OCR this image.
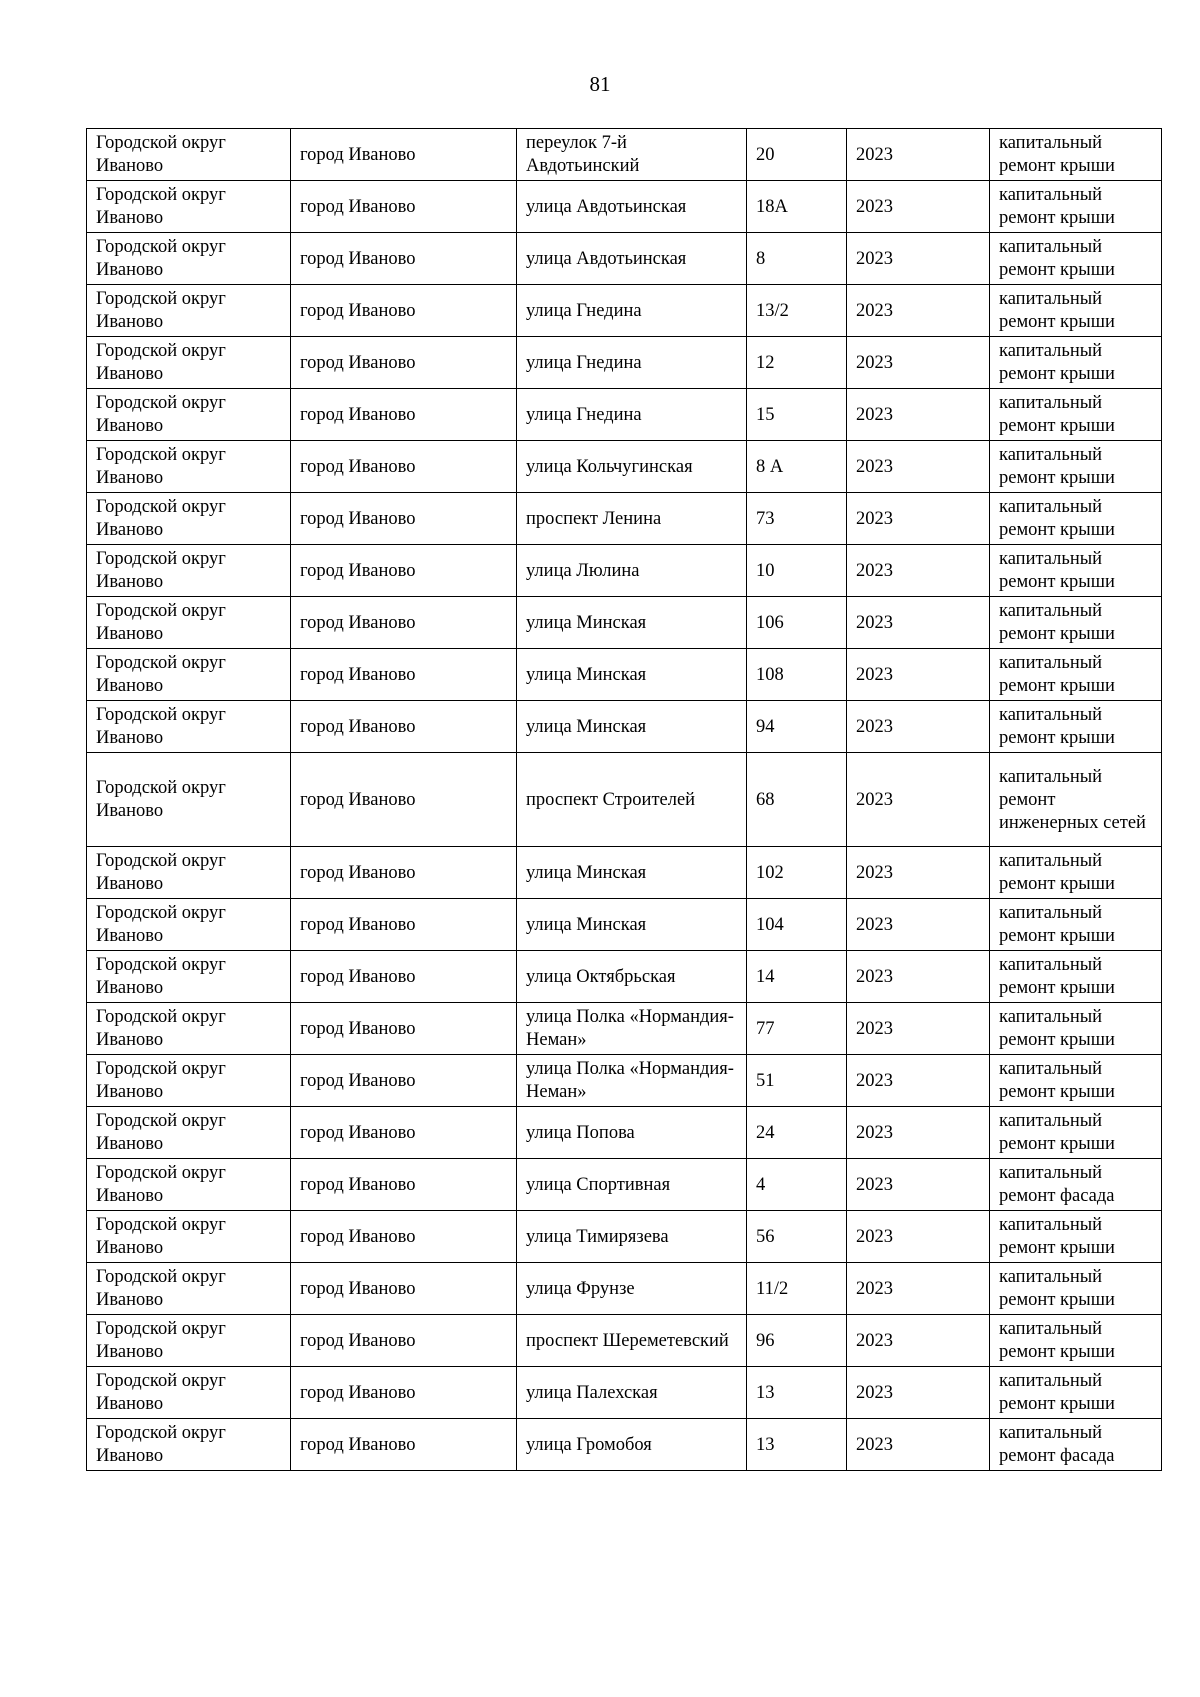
81
Городской округ Иваново	город Иваново	переулок 7-й Авдотьинский	20	2023	капитальный ремонт крыши
Городской округ Иваново	город Иваново	улица Авдотьинская	18А	2023	капитальный ремонт крыши
Городской округ Иваново	город Иваново	улица Авдотьинская	8	2023	капитальный ремонт крыши
Городской округ Иваново	город Иваново	улица Гнедина	13/2	2023	капитальный ремонт крыши
Городской округ Иваново	город Иваново	улица Гнедина	12	2023	капитальный ремонт крыши
Городской округ Иваново	город Иваново	улица Гнедина	15	2023	капитальный ремонт крыши
Городской округ Иваново	город Иваново	улица Кольчугинская	8 А	2023	капитальный ремонт крыши
Городской округ Иваново	город Иваново	проспект Ленина	73	2023	капитальный ремонт крыши
Городской округ Иваново	город Иваново	улица Люлина	10	2023	капитальный ремонт крыши
Городской округ Иваново	город Иваново	улица Минская	106	2023	капитальный ремонт крыши
Городской округ Иваново	город Иваново	улица Минская	108	2023	капитальный ремонт крыши
Городской округ Иваново	город Иваново	улица Минская	94	2023	капитальный ремонт крыши
Городской округ Иваново	город Иваново	проспект Строителей	68	2023	капитальный ремонт инженерных сетей
Городской округ Иваново	город Иваново	улица Минская	102	2023	капитальный ремонт крыши
Городской округ Иваново	город Иваново	улица Минская	104	2023	капитальный ремонт крыши
Городской округ Иваново	город Иваново	улица Октябрьская	14	2023	капитальный ремонт крыши
Городской округ Иваново	город Иваново	улица Полка «Нормандия-Неман»	77	2023	капитальный ремонт крыши
Городской округ Иваново	город Иваново	улица Полка «Нормандия-Неман»	51	2023	капитальный ремонт крыши
Городской округ Иваново	город Иваново	улица Попова	24	2023	капитальный ремонт крыши
Городской округ Иваново	город Иваново	улица Спортивная	4	2023	капитальный ремонт фасада
Городской округ Иваново	город Иваново	улица Тимирязева	56	2023	капитальный ремонт крыши
Городской округ Иваново	город Иваново	улица Фрунзе	11/2	2023	капитальный ремонт крыши
Городской округ Иваново	город Иваново	проспект Шереметевский	96	2023	капитальный ремонт крыши
Городской округ Иваново	город Иваново	улица Палехская	13	2023	капитальный ремонт крыши
Городской округ Иваново	город Иваново	улица Громобоя	13	2023	капитальный ремонт фасада
